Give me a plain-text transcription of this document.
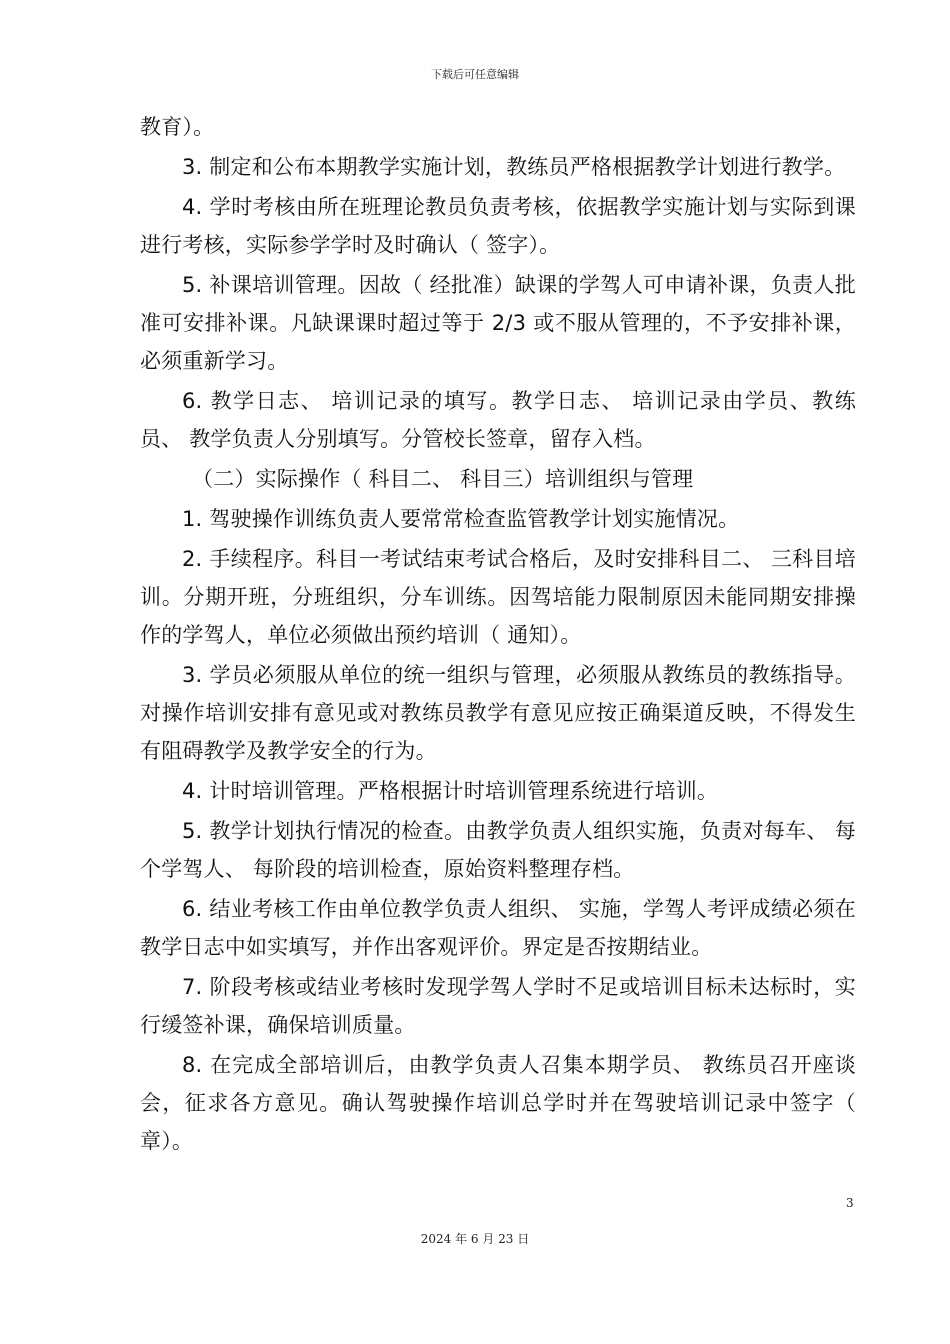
下载后可任意编辑

教育）。

3. 制定和公布本期教学实施计划，教练员严格根据教学计划进行教学。

4. 学时考核由所在班理论教员负责考核，依据教学实施计划与实际到课进行考核，实际参学学时及时确认（ 签字）。

5. 补课培训管理。因故（ 经批准）缺课的学驾人可申请补课，负责人批准可安排补课。凡缺课课时超过等于 2/3 或不服从管理的，不予安排补课，必须重新学习。

6. 教学日志、 培训记录的填写。教学日志、 培训记录由学员、教练员、 教学负责人分别填写。分管校长签章，留存入档。

（二）实际操作（ 科目二、 科目三）培训组织与管理

1. 驾驶操作训练负责人要常常检查监管教学计划实施情况。

2. 手续程序。科目一考试结束考试合格后，及时安排科目二、 三科目培训。分期开班，分班组织，分车训练。因驾培能力限制原因未能同期安排操作的学驾人，单位必须做出预约培训（ 通知）。

3. 学员必须服从单位的统一组织与管理，必须服从教练员的教练指导。对操作培训安排有意见或对教练员教学有意见应按正确渠道反映，不得发生有阻碍教学及教学安全的行为。

4. 计时培训管理。严格根据计时培训管理系统进行培训。

5. 教学计划执行情况的检查。由教学负责人组织实施，负责对每车、 每个学驾人、 每阶段的培训检查，原始资料整理存档。

6. 结业考核工作由单位教学负责人组织、 实施，学驾人考评成绩必须在教学日志中如实填写，并作出客观评价。界定是否按期结业。

7. 阶段考核或结业考核时发现学驾人学时不足或培训目标未达标时，实行缓签补课，确保培训质量。

8. 在完成全部培训后，由教学负责人召集本期学员、 教练员召开座谈会，征求各方意见。确认驾驶操作培训总学时并在驾驶培训记录中签字（ 章）。

3
2024 年 6 月 23 日
